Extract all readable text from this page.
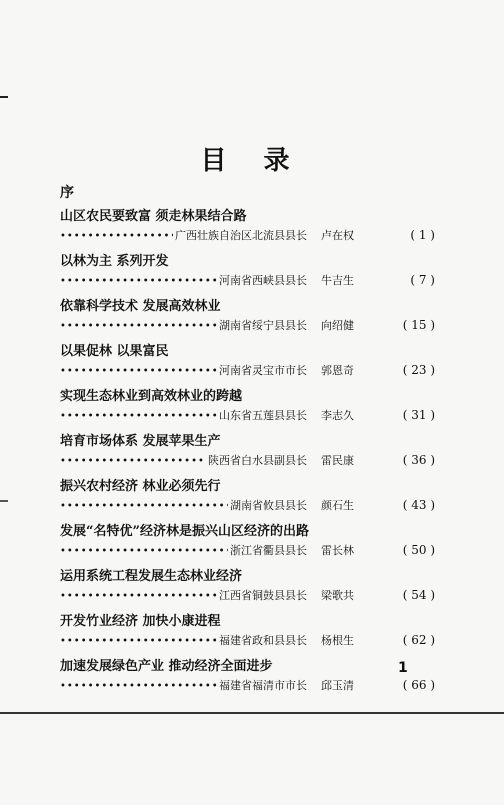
目 录
序
山区农民要致富 须走林果结合路
•••••
广西壮族自治区北流县县长 卢在权	( 1 )
以林为主 系列开发
•••••
河南省西峡县县长 牛吉生	( 7 )
依靠科学技术 发展高效林业
•••••
湖南省绥宁县县长 向绍健	( 15 )
以果促林 以果富民
•••••
河南省灵宝市市长 郭恩奇	( 23 )
实现生态林业到高效林业的跨越
•••••
山东省五莲县县长 李志久	( 31 )
培育市场体系 发展苹果生产
•••••
陕西省白水县副县长 雷民康	( 36 )
振兴农村经济 林业必须先行
•••••
湖南省攸县县长 颜石生	( 43 )
发展“名特优”经济林是振兴山区经济的出路
•••••
浙江省衢县县长 雷长林	( 50 )
运用系统工程发展生态林业经济
•••••
江西省铜鼓县县长 梁歌共	( 54 )
开发竹业经济 加快小康进程
•••••
福建省政和县县长 杨根生	( 62 )
加速发展绿色产业 推动经济全面进步
•••••
福建省福清市市长 邱玉清	( 66 )
1
